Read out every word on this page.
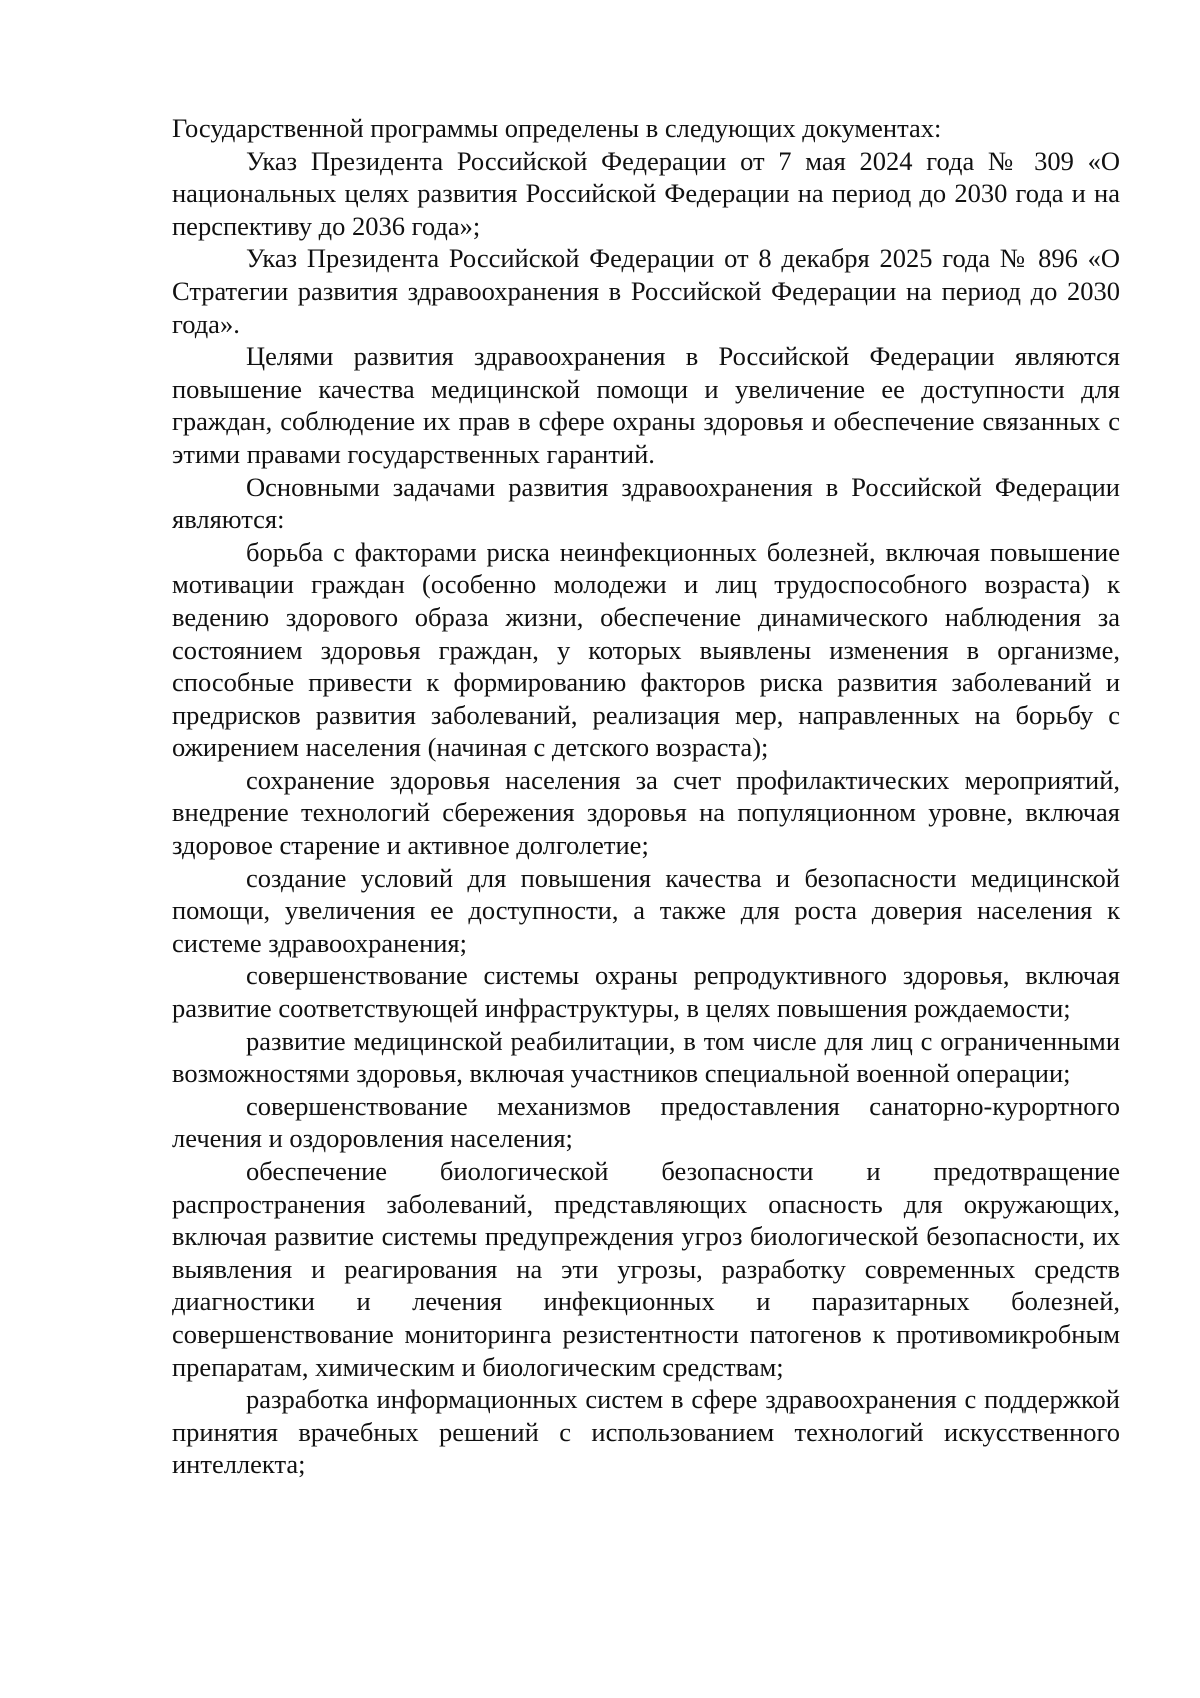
Государственной программы определены в следующих документах:

Указ Президента Российской Федерации от 7 мая 2024 года № 309 «О национальных целях развития Российской Федерации на период до 2030 года и на перспективу до 2036 года»;

Указ Президента Российской Федерации от 8 декабря 2025 года № 896 «О Стратегии развития здравоохранения в Российской Федерации на период до 2030 года».

Целями развития здравоохранения в Российской Федерации являются повышение качества медицинской помощи и увеличение ее доступности для граждан, соблюдение их прав в сфере охраны здоровья и обеспечение связанных с этими правами государственных гарантий.

Основными задачами развития здравоохранения в Российской Федерации являются:

борьба с факторами риска неинфекционных болезней, включая повышение мотивации граждан (особенно молодежи и лиц трудоспособного возраста) к ведению здорового образа жизни, обеспечение динамического наблюдения за состоянием здоровья граждан, у которых выявлены изменения в организме, способные привести к формированию факторов риска развития заболеваний и предрисков развития заболеваний, реализация мер, направленных на борьбу с ожирением населения (начиная с детского возраста);

сохранение здоровья населения за счет профилактических мероприятий, внедрение технологий сбережения здоровья на популяционном уровне, включая здоровое старение и активное долголетие;

создание условий для повышения качества и безопасности медицинской помощи, увеличения ее доступности, а также для роста доверия населения к системе здравоохранения;

совершенствование системы охраны репродуктивного здоровья, включая развитие соответствующей инфраструктуры, в целях повышения рождаемости;

развитие медицинской реабилитации, в том числе для лиц с ограниченными возможностями здоровья, включая участников специальной военной операции;

совершенствование механизмов предоставления санаторно-курортного лечения и оздоровления населения;

обеспечение биологической безопасности и предотвращение распространения заболеваний, представляющих опасность для окружающих, включая развитие системы предупреждения угроз биологической безопасности, их выявления и реагирования на эти угрозы, разработку современных средств диагностики и лечения инфекционных и паразитарных болезней, совершенствование мониторинга резистентности патогенов к противомикробным препаратам, химическим и биологическим средствам;

разработка информационных систем в сфере здравоохранения с поддержкой принятия врачебных решений с использованием технологий искусственного интеллекта;
